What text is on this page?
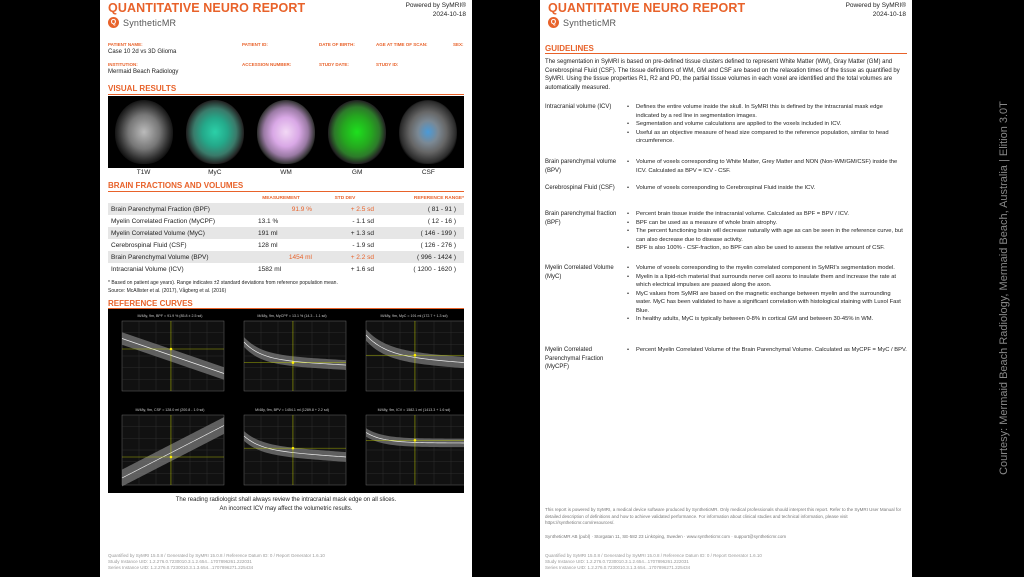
QUANTITATIVE NEURO REPORT	Powered by SyMRI®
2024-10-18
Q SyntheticMR
PATIENT NAME:
Case 10 2d vs 3D Glioma
PATIENT ID:	DATE OF BIRTH:	AGE AT TIME OF SCAN:	SEX:
INSTITUTION:
Mermaid Beach Radiology
ACCESSION NUMBER:	STUDY DATE:	STUDY ID:
VISUAL RESULTS
T1W	MyC	WM	GM	CSF
BRAIN FRACTIONS AND VOLUMES
	MEASUREMENT	STD DEV	REFERENCE RANGE*
Brain Parenchymal Fraction (BPF)	91.9 %	+ 2.5 sd	( 81 - 91 )
Myelin Correlated Fraction (MyCPF)	13.1 %	- 1.1 sd	( 12 - 16 )
Myelin Correlated Volume (MyC)	191 ml	+ 1.3 sd	( 146 - 199 )
Cerebrospinal Fluid (CSF)	128 ml	- 1.9 sd	( 126 - 276 )
Brain Parenchymal Volume (BPV)	1454 ml	+ 2.2 sd	( 996 - 1424 )
Intracranial Volume (ICV)	1582 ml	+ 1.6 sd	( 1200 - 1620 )
* Based on patient age years). Range indicates ±2 standard deviations from reference population mean.
Source: McAllister et al. (2017), Vågberg et al. (2016)
REFERENCE CURVES
M/48y, 9m, BPF = 91.9 % (85.8 ± 2.5 sd)	M/48y, 9m, MyCPF = 13.1 % (14.3 - 1.1 sd)	M/48y, 9m, MyC = 191 ml (172.7 + 1.3 sd)
M/48y, 9m, CSF = 128.0 ml (200.8 - 1.9 sd)	M/48y, 9m, BPV = 1454.1 ml (1289.8 + 2.2 sd)	M/48y, 9m, ICV = 1582.1 ml (1413.3 + 1.6 sd)
The reading radiologist shall always review the intracranial mask edge on all slices.
An incorrect ICV may affect the volumetric results.
Quantified by SyMRI 15.0.8 / Generated by SyMRI 15.0.8 / Reference Datum ID: 0 / Report Generator 1.6.10
Study Instance UID: 1.2.276.0.7230010.3.1.2.654...1707896261.222031
Series Instance UID: 1.2.276.0.7230010.3.1.3.654...1707896271.225434
QUANTITATIVE NEURO REPORT	Powered by SyMRI®
2024-10-18
Q SyntheticMR
GUIDELINES
The segmentation in SyMRI is based on pre-defined tissue clusters defined to represent White Matter (WM), Gray Matter (GM) and Cerebrospinal Fluid (CSF). The tissue definitions of WM, GM and CSF are based on the relaxation times of the tissue as quantified by SyMRI. Using the tissue properties R1, R2 and PD, the partial tissue volumes in each voxel are identified and the total volumes are automatically measured.
Intracranial volume (ICV)	• Defines the entire volume inside the skull. In SyMRI this is defined by the intracranial mask edge indicated by a red line in segmentation images.
• Segmentation and volume calculations are applied to the voxels included in ICV.
• Useful as an objective measure of head size compared to the reference population, similar to head circumference.
Brain parenchymal volume (BPV)
• Volume of voxels corresponding to White Matter, Grey Matter and NON (Non-WM/GM/CSF) inside the ICV. Calculated as BPV = ICV - CSF.
Cerebrospinal Fluid (CSF)	• Volume of voxels corresponding to Cerebrospinal Fluid inside the ICV.
Brain parenchymal fraction (BPF)
• Percent brain tissue inside the intracranial volume. Calculated as BPF = BPV / ICV.
• BPF can be used as a measure of whole brain atrophy.
• The percent functioning brain will decrease naturally with age as can be seen in the reference curve, but can also decrease due to disease activity.
• BPF is also 100% - CSF-fraction, so BPF can also be used to assess the relative amount of CSF.
Myelin Correlated Volume (MyC)
• Volume of voxels corresponding to the myelin correlated component in SyMRI's segmentation model.
• Myelin is a lipid-rich material that surrounds nerve cell axons to insulate them and increase the rate at which electrical impulses are passed along the axon.
• MyC values from SyMRI are based on the magnetic exchange between myelin and the surrounding water. MyC has been validated to have a significant correlation with histological staining with Luxol Fast Blue.
• In healthy adults, MyC is typically between 0-8% in cortical GM and between 30-45% in WM.
Myelin Correlated Parenchymal Fraction (MyCPF)
• Percent Myelin Correlated Volume of the Brain Parenchymal Volume. Calculated as MyCPF = MyC / BPV.
This report is powered by SyMRI, a medical device software produced by SyntheticMR. Only medical professionals should interpret this report. Refer to the SyMRI User Manual for detailed description of definitions and how to achieve validated performance. For information about clinical studies and technical information, please visit https://syntheticmr.com/resources/.
SyntheticMR AB (publ) · Storgatan 11, SE-582 23 Linköping, Sweden · www.syntheticmr.com · support@syntheticmr.com
Quantified by SyMRI 15.0.8 / Generated by SyMRI 15.0.8 / Reference Datum ID: 0 / Report Generator 1.6.10
Study Instance UID: 1.2.276.0.7230010.3.1.2.654...1707896261.222031
Series Instance UID: 1.2.276.0.7230010.3.1.3.654...1707896271.225434
Courtesy: Mermaid Beach Radiology, Mermaid Beach, Australia | Elition 3.0T
